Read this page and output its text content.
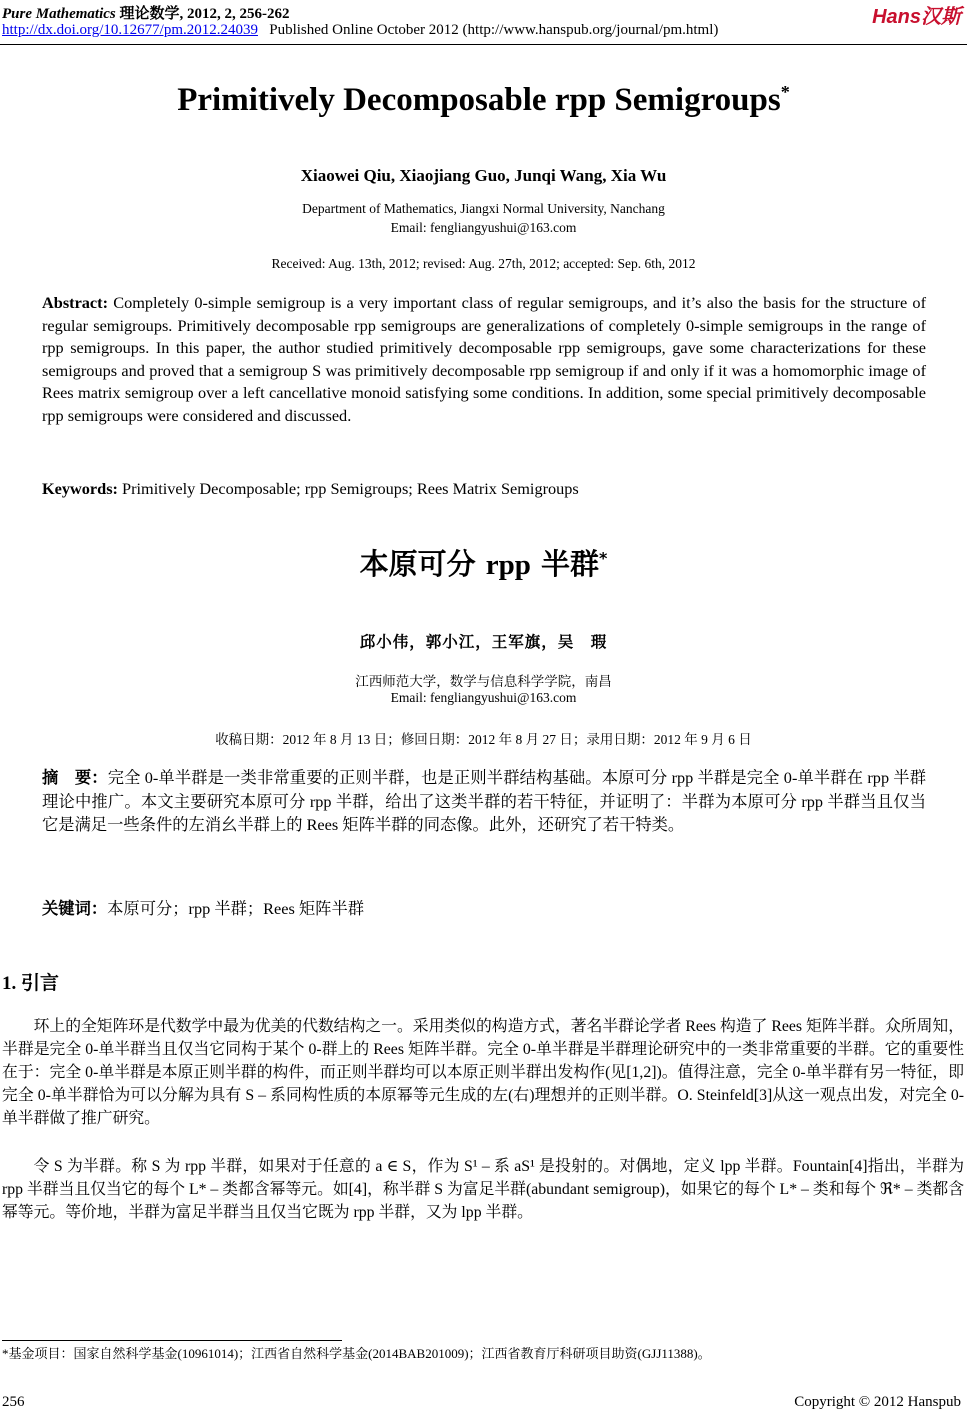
Pure Mathematics 理论数学, 2012, 2, 256-262	Hans汉斯
http://dx.doi.org/10.12677/pm.2012.24039 Published Online October 2012 (http://www.hanspub.org/journal/pm.html)
Primitively Decomposable rpp Semigroups*
Xiaowei Qiu, Xiaojiang Guo, Junqi Wang, Xia Wu
Department of Mathematics, Jiangxi Normal University, Nanchang
Email: fengliangyushui@163.com
Received: Aug. 13th, 2012; revised: Aug. 27th, 2012; accepted: Sep. 6th, 2012
Abstract: Completely 0-simple semigroup is a very important class of regular semigroups, and it’s also the basis for the structure of regular semigroups. Primitively decomposable rpp semigroups are generalizations of completely 0-simple semigroups in the range of rpp semigroups. In this paper, the author studied primitively decomposable rpp semigroups, gave some characterizations for these semigroups and proved that a semigroup S was primitively decomposable rpp semigroup if and only if it was a homomorphic image of Rees matrix semigroup over a left cancellative monoid satisfying some conditions. In addition, some special primitively decomposable rpp semigroups were considered and discussed.
Keywords: Primitively Decomposable; rpp Semigroups; Rees Matrix Semigroups
本原可分 rpp 半群*
邱小伟，郭小江，王军旗，吴　瑕
江西师范大学，数学与信息科学学院，南昌
Email: fengliangyushui@163.com
收稿日期：2012 年 8 月 13 日；修回日期：2012 年 8 月 27 日；录用日期：2012 年 9 月 6 日
摘　要：完全 0-单半群是一类非常重要的正则半群，也是正则半群结构基础。本原可分 rpp 半群是完全 0-单半群在 rpp 半群理论中推广。本文主要研究本原可分 rpp 半群，给出了这类半群的若干特征，并证明了：半群为本原可分 rpp 半群当且仅当它是满足一些条件的左消幺半群上的 Rees 矩阵半群的同态像。此外，还研究了若干特类。
关键词：本原可分；rpp 半群；Rees 矩阵半群
1. 引言
环上的全矩阵环是代数学中最为优美的代数结构之一。采用类似的构造方式，著名半群论学者 Rees 构造了 Rees 矩阵半群。众所周知，半群是完全 0-单半群当且仅当它同构于某个 0-群上的 Rees 矩阵半群。完全 0-单半群是半群理论研究中的一类非常重要的半群。它的重要性在于：完全 0-单半群是本原正则半群的构件，而正则半群均可以本原正则半群出发构作(见[1,2])。值得注意，完全 0-单半群有另一特征，即完全 0-单半群恰为可以分解为具有 S – 系同构性质的本原幂等元生成的左(右)理想并的正则半群。O. Steinfeld[3]从这一观点出发，对完全 0-单半群做了推广研究。
令 S 为半群。称 S 为 rpp 半群，如果对于任意的 a ∈ S，作为 S¹ – 系 aS¹ 是投射的。对偶地，定义 lpp 半群。Fountain[4]指出，半群为 rpp 半群当且仅当它的每个 L* – 类都含幂等元。如[4]，称半群 S 为富足半群(abundant semigroup)，如果它的每个 L* – 类和每个 ℜ* – 类都含幂等元。等价地，半群为富足半群当且仅当它既为 rpp 半群，又为 lpp 半群。
*基金项目：国家自然科学基金(10961014)；江西省自然科学基金(2014BAB201009)；江西省教育厅科研项目助资(GJJ11388)。
256	Copyright © 2012 Hanspub
